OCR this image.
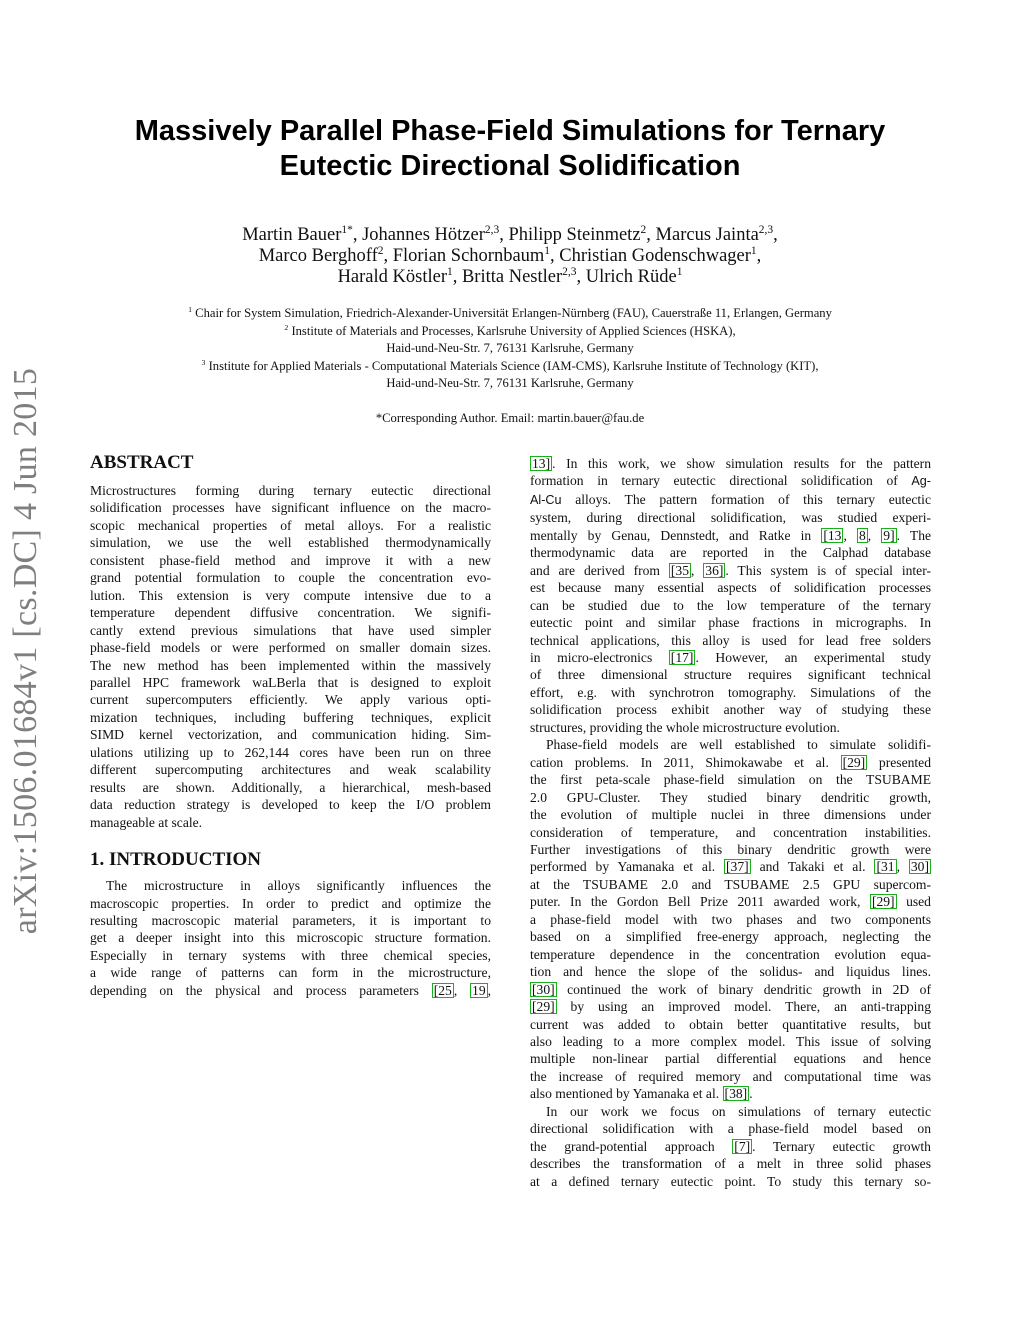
arXiv:1506.01684v1 [cs.DC] 4 Jun 2015
Massively Parallel Phase-Field Simulations for Ternary
Eutectic Directional Solidification
Martin Bauer$^{1*}$, Johannes Hötzer$^{2,3}$, Philipp Steinmetz$^2$, Marcus Jainta$^{2,3}$,
Marco Berghoff$^2$, Florian Schornbaum$^1$, Christian Godenschwager$^1$,
Harald Köstler$^1$, Britta Nestler$^{2,3}$, Ulrich Rüde$^1$
$^1$ Chair for System Simulation, Friedrich-Alexander-Universität Erlangen-Nürnberg (FAU), Cauerstraße 11, Erlangen, Germany
$^2$ Institute of Materials and Processes, Karlsruhe University of Applied Sciences (HSKA),
Haid-und-Neu-Str. 7, 76131 Karlsruhe, Germany
$^3$ Institute for Applied Materials - Computational Materials Science (IAM-CMS), Karlsruhe Institute of Technology (KIT),
Haid-und-Neu-Str. 7, 76131 Karlsruhe, Germany
*Corresponding Author. Email: martin.bauer@fau.de
ABSTRACT
Microstructures forming during ternary eutectic directional
solidification processes have significant influence on the macro-
scopic mechanical properties of metal alloys. For a realistic
simulation, we use the well established thermodynamically
consistent phase-field method and improve it with a new
grand potential formulation to couple the concentration evo-
lution. This extension is very compute intensive due to a
temperature dependent diffusive concentration. We signifi-
cantly extend previous simulations that have used simpler
phase-field models or were performed on smaller domain sizes.
The new method has been implemented within the massively
parallel HPC framework waLBerla that is designed to exploit
current supercomputers efficiently. We apply various opti-
mization techniques, including buffering techniques, explicit
SIMD kernel vectorization, and communication hiding. Sim-
ulations utilizing up to 262,144 cores have been run on three
different supercomputing architectures and weak scalability
results are shown. Additionally, a hierarchical, mesh-based
data reduction strategy is developed to keep the I/O problem
manageable at scale.
1. INTRODUCTION
The microstructure in alloys significantly influences the
macroscopic properties. In order to predict and optimize the
resulting macroscopic material parameters, it is important to
get a deeper insight into this microscopic structure formation.
Especially in ternary systems with three chemical species,
a wide range of patterns can form in the microstructure,
depending on the physical and process parameters [25 , 19 ,
13] . In this work, we show simulation results for the pattern
formation in ternary eutectic directional solidification of Ag-
Al-Cu alloys. The pattern formation of this ternary eutectic
system, during directional solidification, was studied experi-
mentally by Genau, Dennstedt, and Ratke in [13 , 8 , 9] . The
thermodynamic data are reported in the Calphad database
and are derived from [35 , 36] . This system is of special inter-
est because many essential aspects of solidification processes
can be studied due to the low temperature of the ternary
eutectic point and similar phase fractions in micrographs. In
technical applications, this alloy is used for lead free solders
in micro-electronics [17] . However, an experimental study
of three dimensional structure requires significant technical
effort, e.g. with synchrotron tomography. Simulations of the
solidification process exhibit another way of studying these
structures, providing the whole microstructure evolution.
Phase-field models are well established to simulate solidifi-
cation problems. In 2011, Shimokawabe et al. [29] presented
the first peta-scale phase-field simulation on the TSUBAME
2.0 GPU-Cluster. They studied binary dendritic growth,
the evolution of multiple nuclei in three dimensions under
consideration of temperature, and concentration instabilities.
Further investigations of this binary dendritic growth were
performed by Yamanaka et al. [37] and Takaki et al. [31 , 30]
at the TSUBAME 2.0 and TSUBAME 2.5 GPU supercom-
puter. In the Gordon Bell Prize 2011 awarded work, [29] used
a phase-field model with two phases and two components
based on a simplified free-energy approach, neglecting the
temperature dependence in the concentration evolution equa-
tion and hence the slope of the solidus- and liquidus lines.
[30] continued the work of binary dendritic growth in 2D of
[29] by using an improved model. There, an anti-trapping
current was added to obtain better quantitative results, but
also leading to a more complex model. This issue of solving
multiple non-linear partial differential equations and hence
the increase of required memory and computational time was
also mentioned by Yamanaka et al. [38] .
In our work we focus on simulations of ternary eutectic
directional solidification with a phase-field model based on
the grand-potential approach [7] . Ternary eutectic growth
describes the transformation of a melt in three solid phases
at a defined ternary eutectic point. To study this ternary so-
